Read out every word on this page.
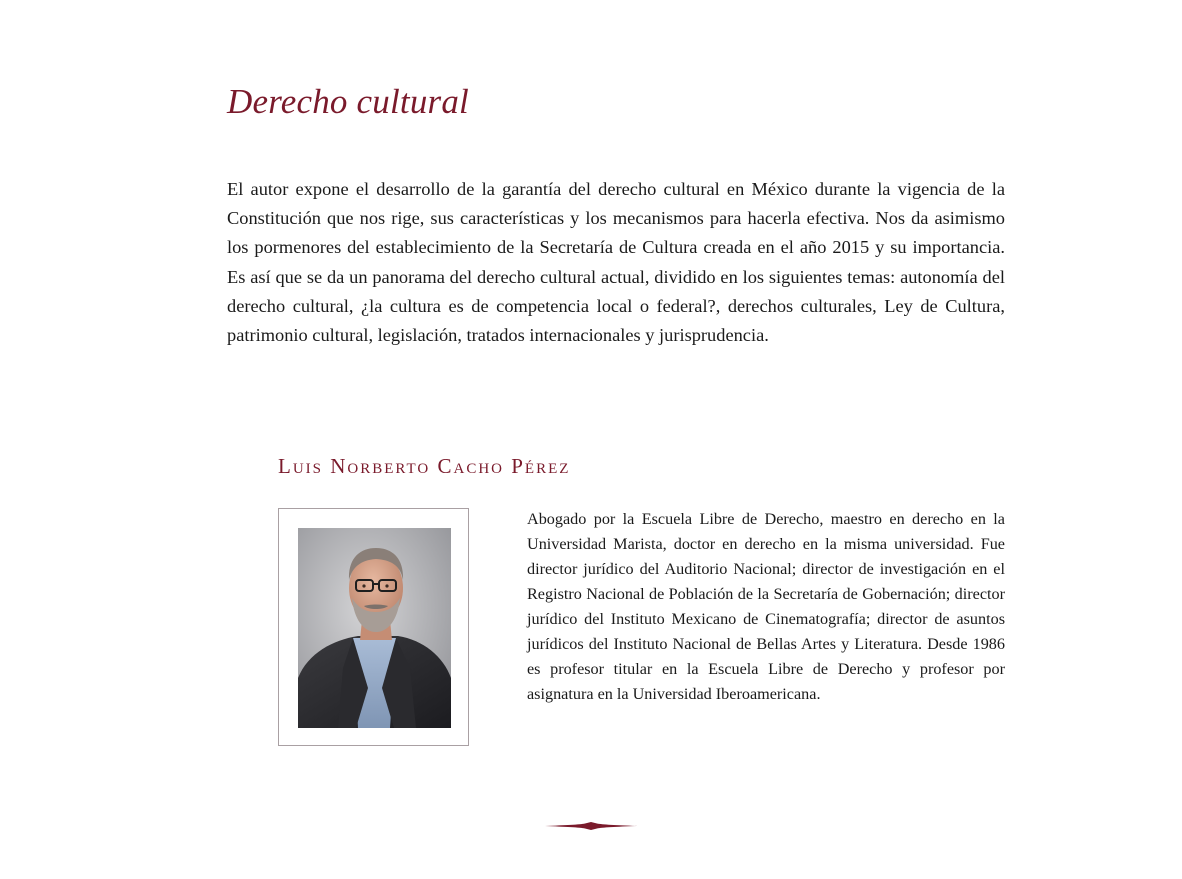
Derecho cultural

El autor expone el desarrollo de la garantía del derecho cultural en México durante la vigencia de la Constitución que nos rige, sus características y los mecanismos para hacerla efectiva. Nos da asimismo los pormenores del establecimiento de la Secretaría de Cultura creada en el año 2015 y su importancia. Es así que se da un panorama del derecho cultural actual, dividido en los siguientes temas: autonomía del derecho cultural, ¿la cultura es de competencia local o federal?, derechos culturales, Ley de Cultura, patrimonio cultural, legislación, tratados internacionales y jurisprudencia.

Luis Norberto Cacho Pérez

Abogado por la Escuela Libre de Derecho, maestro en derecho en la Universidad Marista, doctor en derecho en la misma universidad. Fue director jurídico del Auditorio Nacional; director de investigación en el Registro Nacional de Población de la Secretaría de Gobernación; director jurídico del Instituto Mexicano de Cinematografía; director de asuntos jurídicos del Instituto Nacional de Bellas Artes y Literatura. Desde 1986 es profesor titular en la Escuela Libre de Derecho y profesor por asignatura en la Universidad Iberoamericana.
